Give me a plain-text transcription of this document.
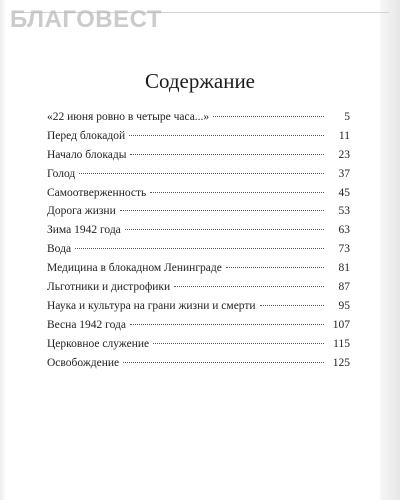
БЛАГОВЕСТ
Содержание
«22 июня ровно в четыре часа...»	5
Перед блокадой	11
Начало блокады	23
Голод	37
Самоотверженность	45
Дорога жизни	53
Зима 1942 года	63
Вода	73
Медицина в блокадном Ленинграде	81
Льготники и дистрофики	87
Наука и культура на грани жизни и смерти	95
Весна 1942 года	107
Церковное служение	115
Освобождение	125
